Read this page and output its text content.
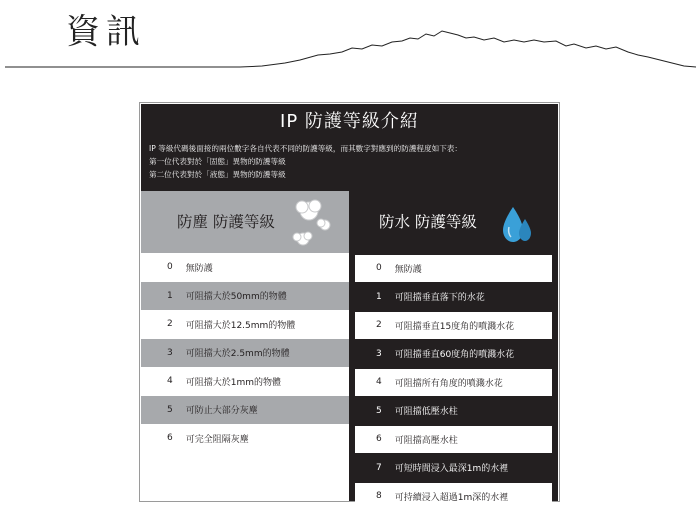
資訊
IP 防護等級介紹
IP 等級代碼後面接的兩位數字各自代表不同的防護等級，而其數字對應到的防護程度如下表：
第一位代表對於「固態」異物的防護等級
第二位代表對於「液態」異物的防護等級
防塵 防護等級
0
	無防護
1
	可阻擋大於50mm的物體
2
	可阻擋大於12.5mm的物體
3
	可阻擋大於2.5mm的物體
4
	可阻擋大於1mm的物體
5
	可防止大部分灰塵
6
	可完全阻隔灰塵
防水 防護等級
0
	無防護
1
	可阻擋垂直落下的水花
2
	可阻擋垂直15度角的噴濺水花
3
	可阻擋垂直60度角的噴濺水花
4
	可阻擋所有角度的噴濺水花
5
	可阻擋低壓水柱
6
	可阻擋高壓水柱
7
	可短時間浸入最深1m的水裡
8
	可持續浸入超過1m深的水裡
